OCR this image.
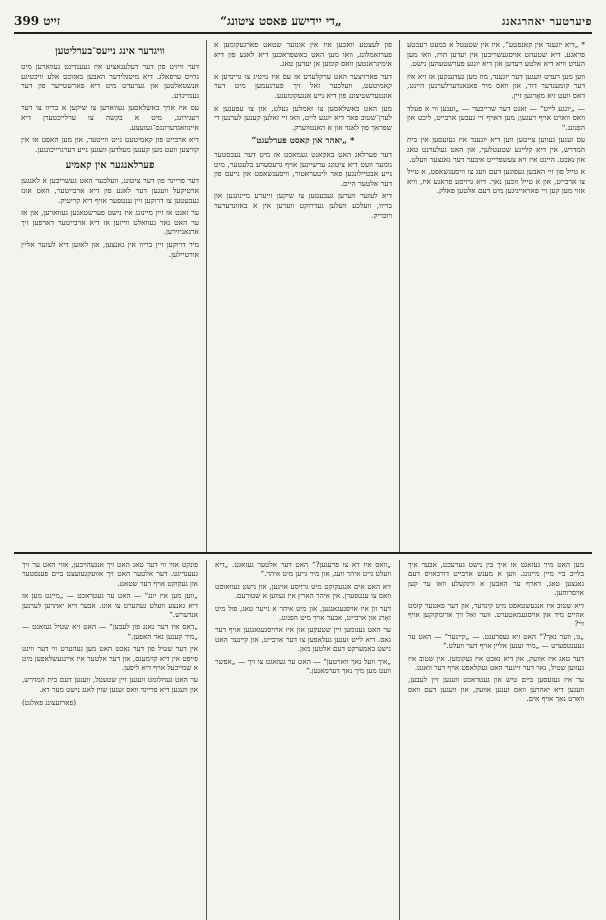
פיערטער יאהרגאנג
„די יידישע פאסט ציטונג“
זייט 399

* „דיא יוגענד אין קאנפטע“, איז אין שטעטל א כמעט רעכטע פראגע. דיא שטעהט אויסגעשריבען אין יעדען הויז, וואו מען הערט וויא דיא אלטע רעדען און דיא יונגע פערשטעהען נישט.

ווען מען רעדט וועגען דער יוגענד, מוז מען געדענקען אז זיא איז דער קומענדער דור, און וואס מיר פאנאנדערלערנען היינט, דאס וועט זיא מאָרגען זיין.

— „יונגע לייט“ — זאגט דער שרייבער — „זענען ווי א פעלד וואס ווארט אויף רעגען; מען דארף זיי געבען ארבייט, ליכט און הפנונג.“

עס זענען געווען צייטען ווען דיא יוגענד איז געזעסען אין בית המדרש, אין דיא קליינע שטעטלעך, און האט געלערנט טאג און נאכט. היינט איז זיא צעשפרייט איבער דער גאנצער וועלט.

א טייל פון זיי האבען געפונען דעם וועג צו וויסענשאפט, א טייל צו ארבייט, און א טייל זוכען נאך. דיא גרויסע פראגע איז, וויא אזוי מען קען זיי פאראייניגען מיט דעם אלטען פאלק.

פון לעצטע וואכען איז אין אונזער שטאט פארגעקומען א פערזאמלונג, וואו מען האט באשפראכען דיא לאגע פון דיא אימיגראנטען וואס קומען אן יעדען טאג.

דער פארזיצער האט ערקלערט אז עס איז נויטיג צו גרינדען א קאמיטעט, וועלכער זאל זיך פערנעמען מיט דער אונטערשטיצונג פון דיא נייע אנגעקומענע.

מען האט באשלאסען צו זאמלען געלט, און צו עפענען א לערן־שטוב פאר דיא יונגע לייט, וואו זיי זאלען קענען לערנען די שפראך פון לאנד און א האנטווערק.

* „יאהר און קאסט פערלעגט“

דער פערלאג האט באקאנט געמאכט אז מיט דער נעכסטער נומער וועט דיא ציטונג ערשיינען אויף גרעסערע בלעטער, מיט נייע אבטיילונגען פאר ליטעראטור, וויסענשאפט און נייעס פון דער אלטער היים.

דיא לעזער ווערען געבעטען צו שיקען זייערע מיינונגען און בריוו, וועלכע וועלען געדרוקט ווערען אין א באזונדערער רובריק.

וויגדער אינג נייעס־בערליטען

דער וויזיט פון דער דעלעגאציע איז געענדיגט געווארען מיט גרויס ערפאלג. דיא מיטגלידער האבען באזוכט אלע וויכטיגע אנשטאלטען און גערעדט מיט דיא פארשטייער פון דער געמיינדע.

עס איז אויך באשלאסען געווארען צו שיקען א בריוו צו דער רעגירונג, מיט א בקשה צו ערלייכטערן דיא איינוואנדערונגס־געזעצע.

דיא ארבייט פון קאמיטעט גייט ווייטער, און מען האפט אז אין קורצען וועט מען קענען מעלדען וועגען נייע דערגרייכונגען.

פערלאנגער אין קאמיע

דער פריינד פון דער ציטונג, וועלכער האט געשריבען א לאנגען ארטיקעל וועגען דער לאגע פון דיא ארבייטער, האט אונז געבעטען צו דרוקען זיין ענטפער אויף דיא קריטיק.

ער זאגט אז זיין מיינונג איז נישט פערשטאנען געווארען, און אז ער האט נאר געוואלט ווייזען אז דיא ארבייטער דארפען זיך ארגאניזירען.

מיר דרוקען זיין בריוו אין גאנצען, און לאזען דיא לעזער אליין אורטיילען.

מען האט מיר געזאגט אז איך בין נישט גערעכט, אבער איך בלייב ביי מיין מיינונג. ווען א מענש ארבייט דורכאויס דעם גאנצען טאג, דארף ער האבען א ווינקעלע וואו ער קען אויסרוהען.

דיא שטוב איז אנגעשטאפט מיט קינדער, און דער פאטער קומט אהיים מיד און אויסגעמאטערט. ווער זאל זיך ארומקוקען אויף זיי?

„נו, ווער נאך?“ האט זיא געפרעגט. — „קיינער“ — האט ער געענטפערט — „מיר זענען אליין אויף דער וועלט.“

דער טאג איז אוועק, און דיא נאכט איז געקומען. אין שטוב איז געווען שטיל, נאר דער זייגער האט געקלאפט אויף דער וואנט.

ער איז געזעסען ביים טיש און געטראכט וועגען זיין לעבען, וועגען דיא יאהרען וואס זענען אוועק, און וועגען דעם וואס ווארט נאך אויף אים.

„וואס איז דא צו פרעגען?“ האט דער אלטער געזאגט. „דיא וועלט גייט איהר וועג, און מיר גייען מיט איהר.“

זיא האט אים אנגעקוקט מיט גרויסע אויגען, און נישט געוואוסט וואס צו ענטפערן. אין איהר הארץ איז געווען א שטורעם.

דער זון איז אויפגעגאנגען, און מיט איהר א נייער טאג, פול מיט זאָרג און ארבייט, אבער אויך מיט הפנונג.

ער האט גענומען זיין שטעקען און איז ארויסגעגאנגען אויף דער גאס. דיא לייט זענען געלאפען צו דער ארבייט, און קיינער האט נישט באמערקט דעם אלטען מאן.

„איך וועל נאך ווארטען“ — האט ער געזאגט צו זיך — „אפשר וועט מען מיך נאך דערמאנען.“

פונקט אזוי ווי דער טאג האט זיך אנגעהויבען, אזוי האט ער זיך געענדיגט. דער אלטער האט זיך אוועקגעזעצט ביים פענסטער און געקוקט אויף דער שטאט.

„ווען מען איז יונג“ — האט ער געטראכט — „מיינט מען אז דיא גאנצע וועלט געהערט צו אונז. אבער דיא יאהרען לערנען אנדערש.“

„דאס איז דער גאנג פון לעבען“ — האט זיא שטיל געזאגט — „מיר קענען נאר האפען.“

אין דער שטיל פון דער נאכט האט מען געהערט ווי דער ווינט פייפט אין דיא קוימענס, און דער אלטער איז איינגעשלאפען מיט א שמייכעל אויף דיא ליפען.

ער האט געחלומט וועגען זיין שטעטל, וועגען דעם בית המדרש, און וועגען דיא פריינד וואס זענען שוין לאנג נישט מער דא.

(פארזעצונג פאלגט)
